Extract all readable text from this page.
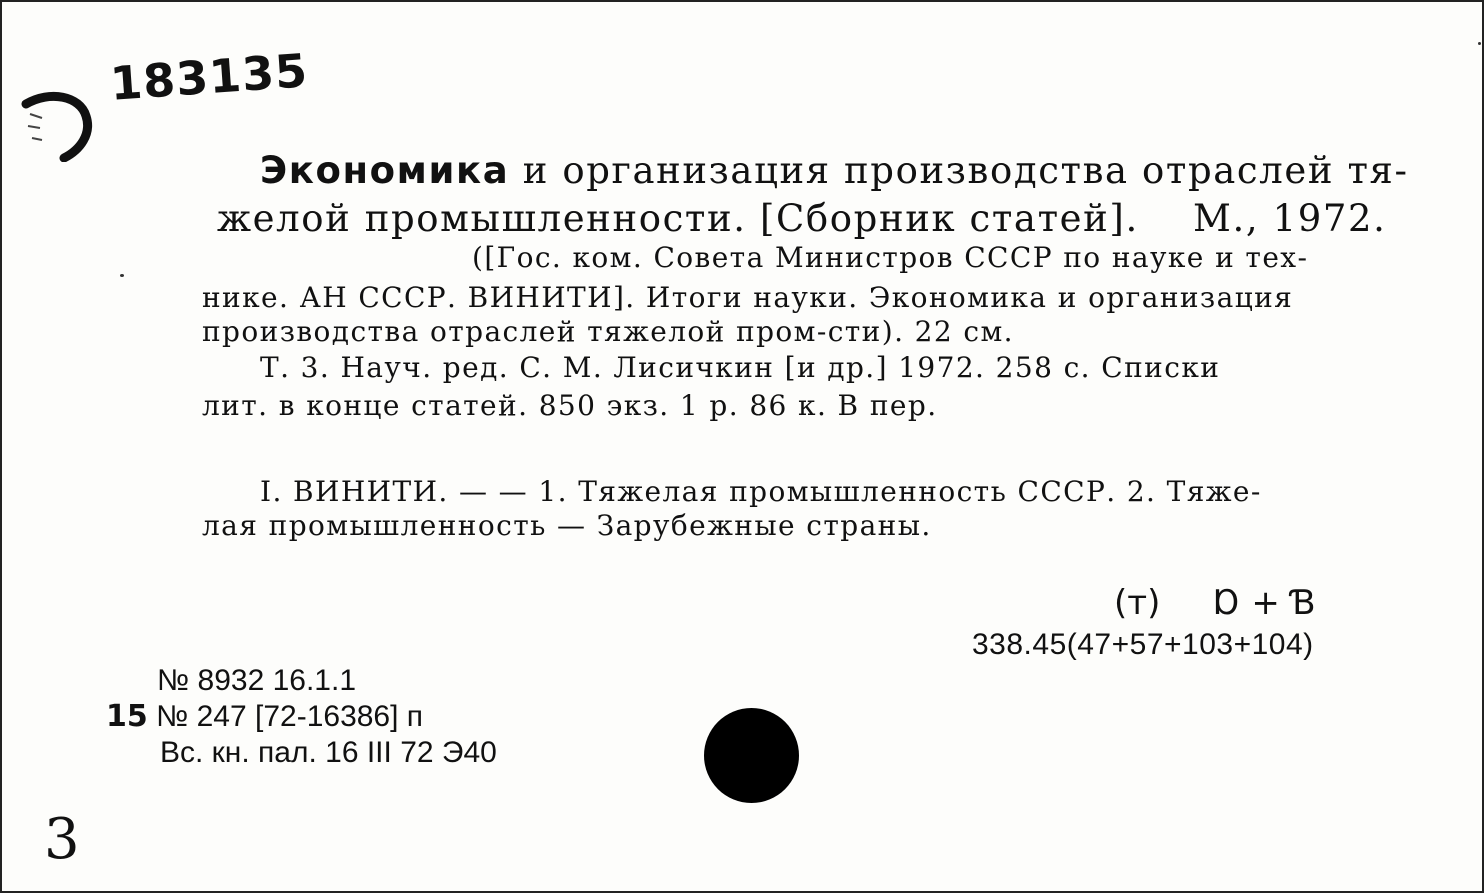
183135
Экономика и организация производства отраслей тя-
желой промышленности. [Сборник статей]. М., 1972.
([Гос. ком. Совета Министров СССР по науке и тех-
нике. АН СССР. ВИНИТИ]. Итоги науки. Экономика и организация
производства отраслей тяжелой пром-сти). 22 см.
Т. 3. Науч. ред. С. М. Лисичкин [и др.] 1972. 258 с. Списки
лит. в конце статей. 850 экз. 1 р. 86 к. В пер.
I. ВИНИТИ. — — 1. Тяжелая промышленность СССР. 2. Тяже-
лая промышленность — Зарубежные страны.
(т) Ɒ + Ɓ
338.45(47+57+103+104)
№ 8932 16.1.1
15 № 247 [72-16386] п
Вс. кн. пал. 16 III 72 Э40
3
